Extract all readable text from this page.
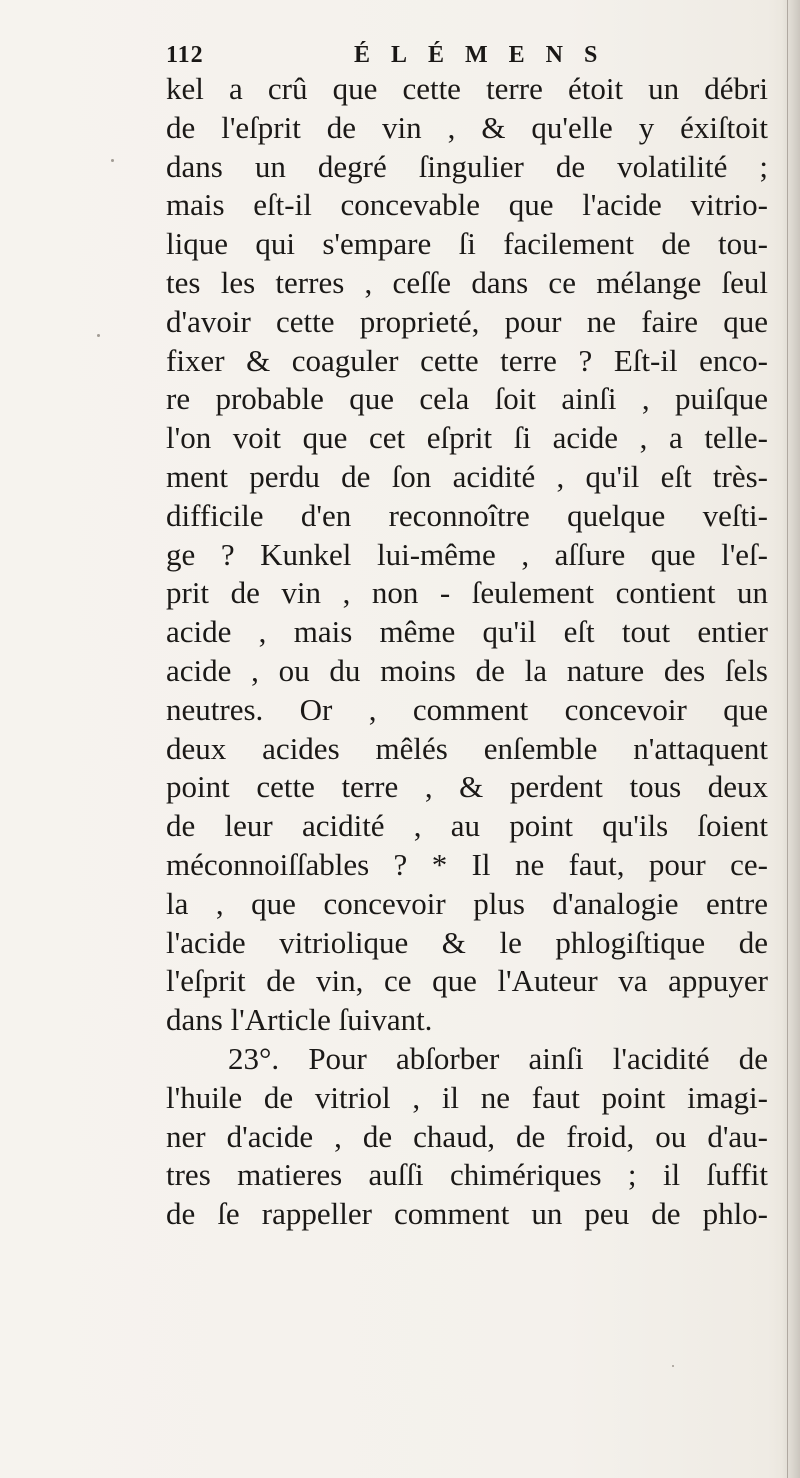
112	ÉLÉMENS
kel a crû que cette terre étoit un débri
de l'eſprit de vin , & qu'elle y éxiſtoit
dans un degré ſingulier de volatilité ;
mais eſt-il concevable que l'acide vitrio-
lique qui s'empare ſi facilement de tou-
tes les terres , ceſſe dans ce mélange ſeul
d'avoir cette proprieté, pour ne faire que
fixer & coaguler cette terre ? Eſt-il enco-
re probable que cela ſoit ainſi , puiſque
l'on voit que cet eſprit ſi acide , a telle-
ment perdu de ſon acidité , qu'il eſt très-
difficile d'en reconnoître quelque veſti-
ge ? Kunkel lui-même , aſſure que l'eſ-
prit de vin , non - ſeulement contient un
acide , mais même qu'il eſt tout entier
acide , ou du moins de la nature des ſels
neutres. Or , comment concevoir que
deux acides mêlés enſemble n'attaquent
point cette terre , & perdent tous deux
de leur acidité , au point qu'ils ſoient
méconnoiſſables ? * Il ne faut, pour ce-
la , que concevoir plus d'analogie entre
l'acide vitriolique & le phlogiſtique de
l'eſprit de vin, ce que l'Auteur va appuyer
dans l'Article ſuivant.
23°. Pour abſorber ainſi l'acidité de
l'huile de vitriol , il ne faut point imagi-
ner d'acide , de chaud, de froid, ou d'au-
tres matieres auſſi chimériques ; il ſuffit
de ſe rappeller comment un peu de phlo-
